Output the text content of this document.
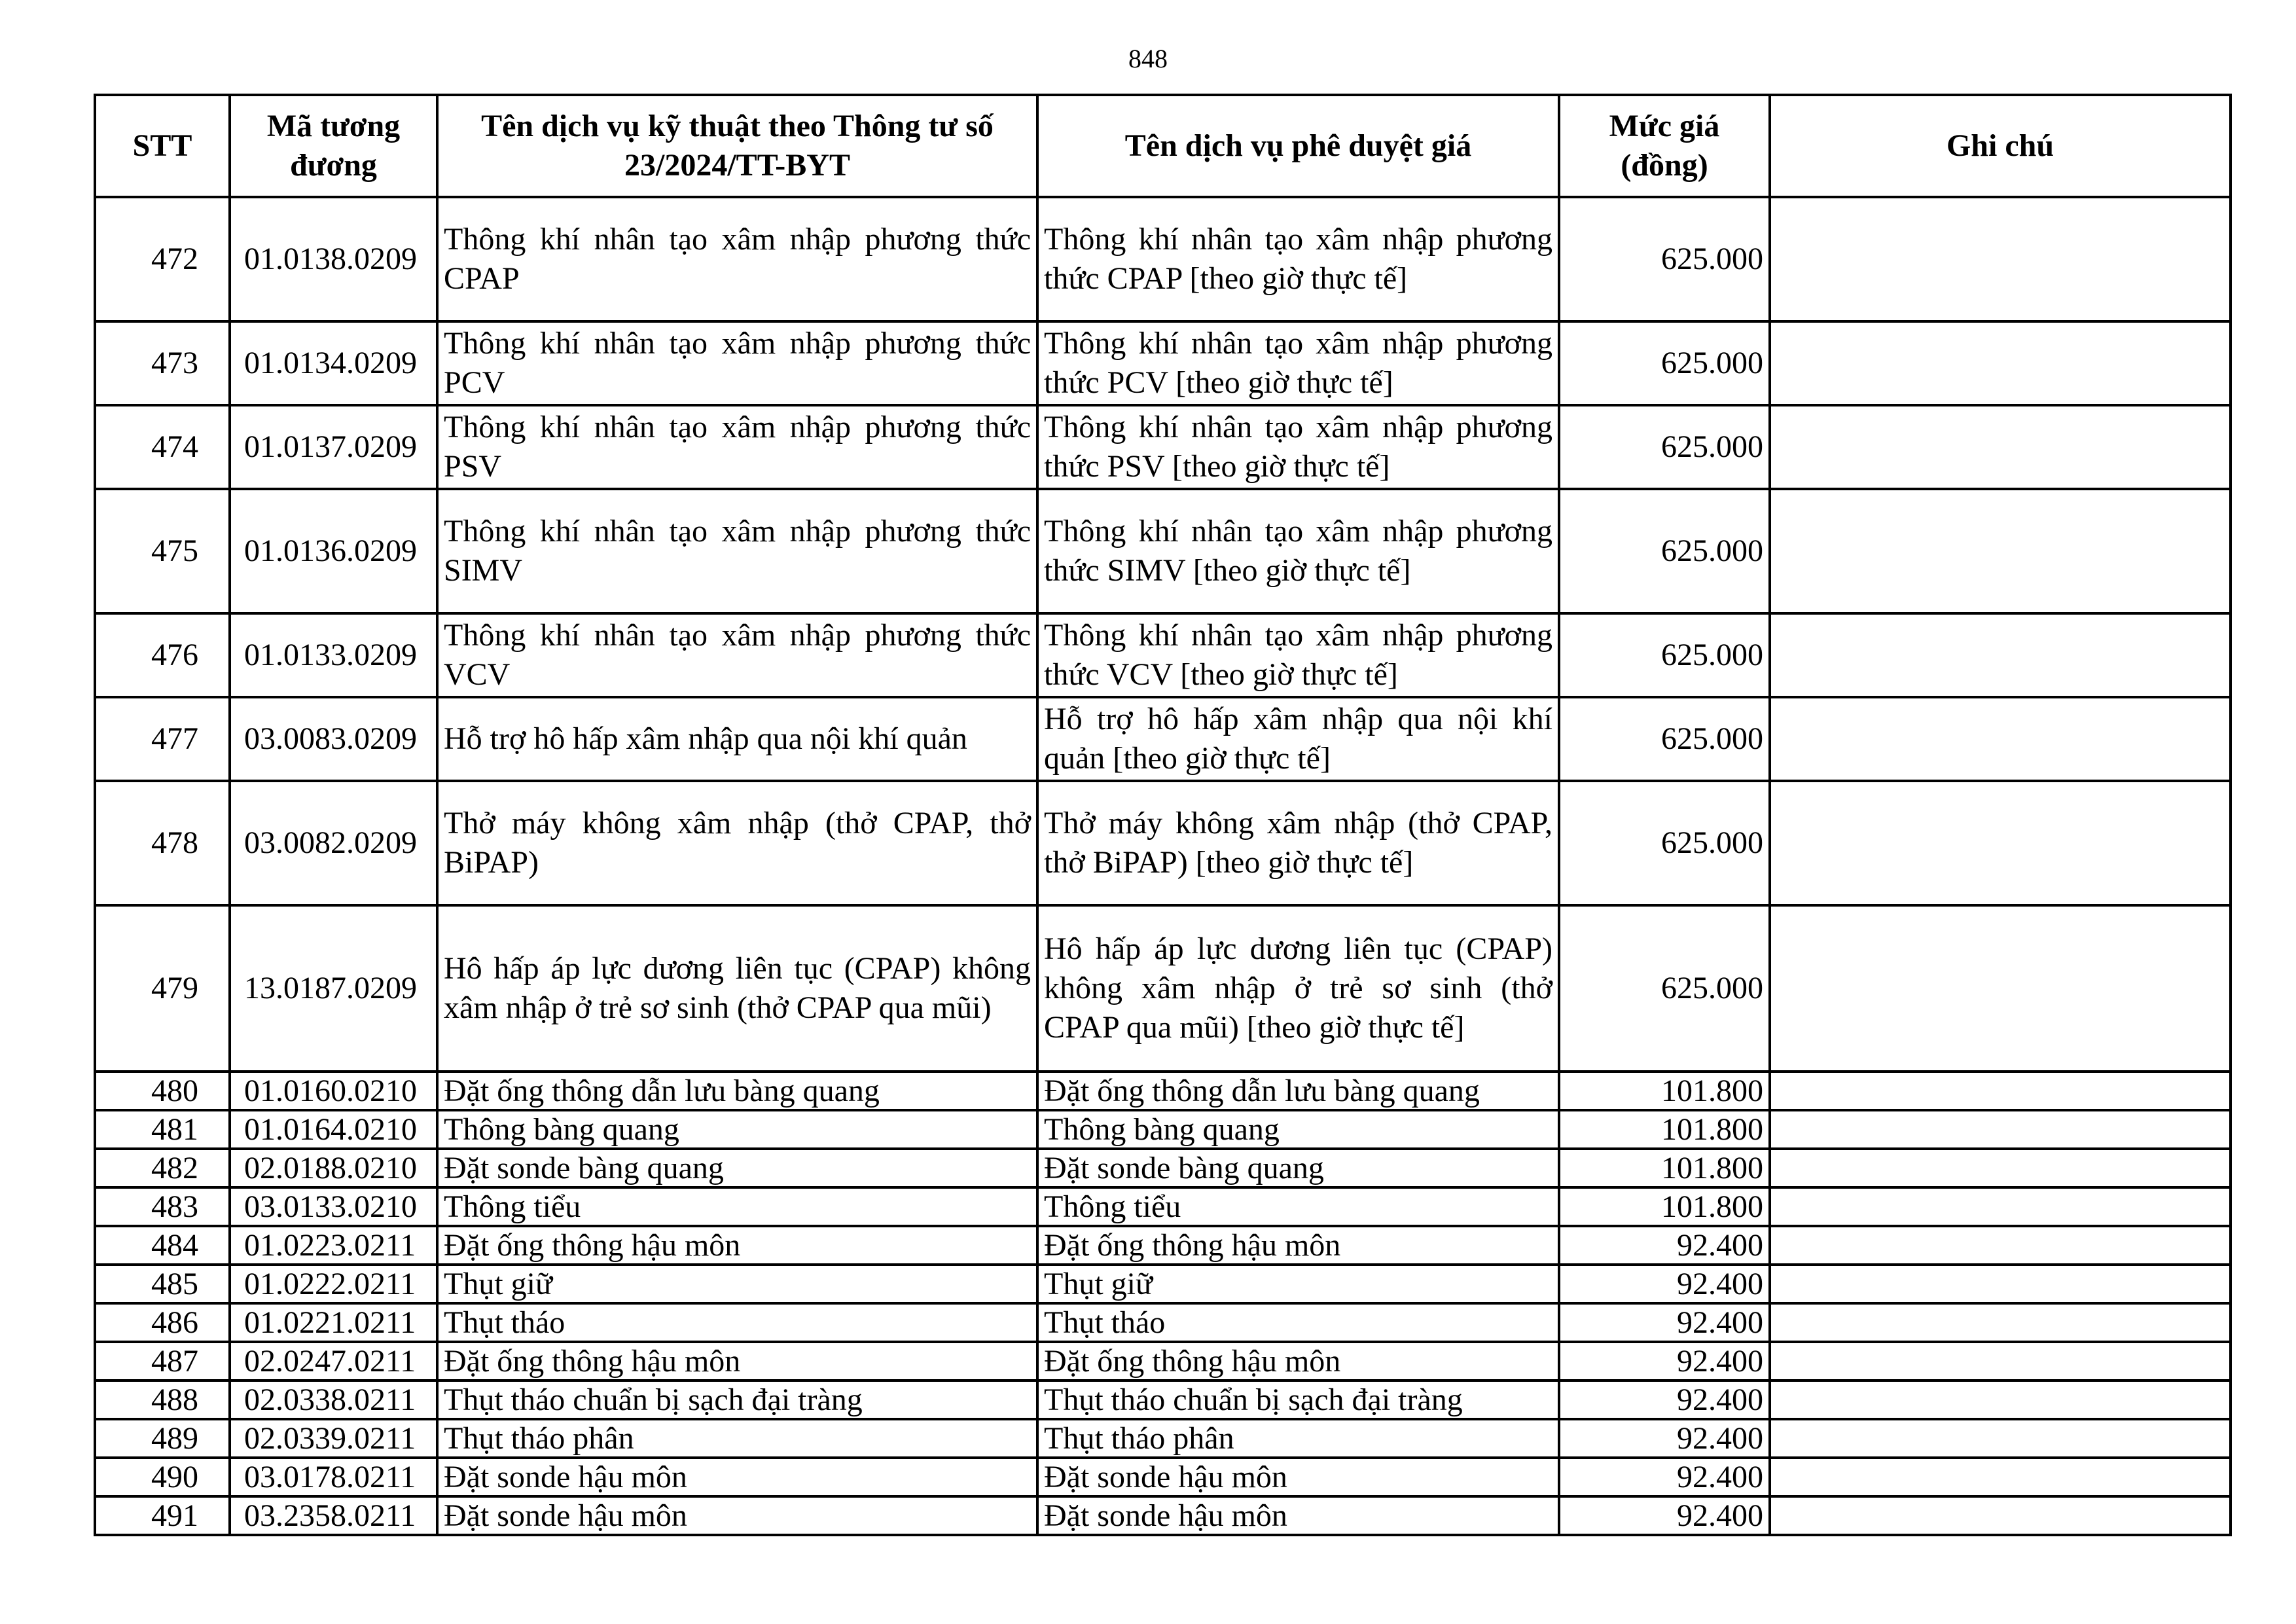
848
STT	Mã tương đương	Tên dịch vụ kỹ thuật theo Thông tư số 23/2024/TT-BYT	Tên dịch vụ phê duyệt giá	Mức giá (đồng)	Ghi chú
472	01.0138.0209	Thông khí nhân tạo xâm nhập phương thức CPAP	Thông khí nhân tạo xâm nhập phương thức CPAP [theo giờ thực tế]	625.000	
473	01.0134.0209	Thông khí nhân tạo xâm nhập phương thức PCV	Thông khí nhân tạo xâm nhập phương thức PCV [theo giờ thực tế]	625.000	
474	01.0137.0209	Thông khí nhân tạo xâm nhập phương thức PSV	Thông khí nhân tạo xâm nhập phương thức PSV [theo giờ thực tế]	625.000	
475	01.0136.0209	Thông khí nhân tạo xâm nhập phương thức SIMV	Thông khí nhân tạo xâm nhập phương thức SIMV [theo giờ thực tế]	625.000	
476	01.0133.0209	Thông khí nhân tạo xâm nhập phương thức VCV	Thông khí nhân tạo xâm nhập phương thức VCV [theo giờ thực tế]	625.000	
477	03.0083.0209	Hỗ trợ hô hấp xâm nhập qua nội khí quản	Hỗ trợ hô hấp xâm nhập qua nội khí quản [theo giờ thực tế]	625.000	
478	03.0082.0209	Thở máy không xâm nhập (thở CPAP, thở BiPAP)	Thở máy không xâm nhập (thở CPAP, thở BiPAP) [theo giờ thực tế]	625.000	
479	13.0187.0209	Hô hấp áp lực dương liên tục (CPAP) không xâm nhập ở trẻ sơ sinh (thở CPAP qua mũi)	Hô hấp áp lực dương liên tục (CPAP) không xâm nhập ở trẻ sơ sinh (thở CPAP qua mũi) [theo giờ thực tế]	625.000	
480	01.0160.0210	Đặt ống thông dẫn lưu bàng quang	Đặt ống thông dẫn lưu bàng quang	101.800	
481	01.0164.0210	Thông bàng quang	Thông bàng quang	101.800	
482	02.0188.0210	Đặt sonde bàng quang	Đặt sonde bàng quang	101.800	
483	03.0133.0210	Thông tiểu	Thông tiểu	101.800	
484	01.0223.0211	Đặt ống thông hậu môn	Đặt ống thông hậu môn	92.400	
485	01.0222.0211	Thụt giữ	Thụt giữ	92.400	
486	01.0221.0211	Thụt tháo	Thụt tháo	92.400	
487	02.0247.0211	Đặt ống thông hậu môn	Đặt ống thông hậu môn	92.400	
488	02.0338.0211	Thụt tháo chuẩn bị sạch đại tràng	Thụt tháo chuẩn bị sạch đại tràng	92.400	
489	02.0339.0211	Thụt tháo phân	Thụt tháo phân	92.400	
490	03.0178.0211	Đặt sonde hậu môn	Đặt sonde hậu môn	92.400	
491	03.2358.0211	Đặt sonde hậu môn	Đặt sonde hậu môn	92.400	
